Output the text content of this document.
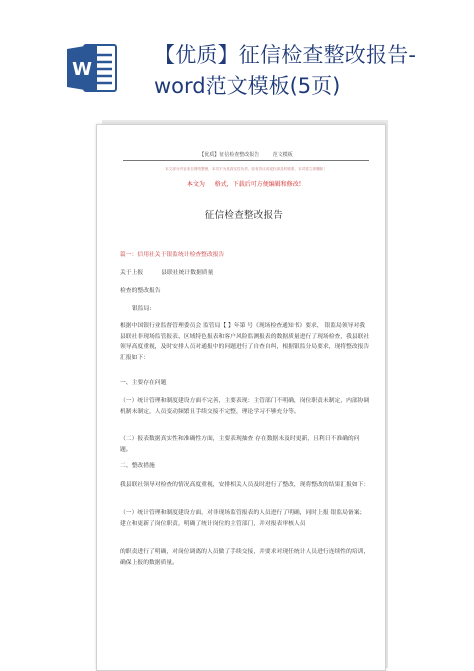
W
【优质】征信检查整改报告-
word范文模板(5页)
【优质】征信检查整改报告	范文模板
本文部分内容来自网络整理，本司不为其真实性负责，如有异议或侵权请及时联系，本司将立即删除！
本文为 格式，下载后可方便编辑和修改!
征信检查整改报告
篇一：信用社关于银监统计检查整改报告
关于上报	县联社统计数据质量
检查的整改报告
银监局:
根据中国银行业监督管理委员会 监管局【 】年第 号《现场检查通知书》要求， 银监局领导对我县联社非现场监管报表、区域特色报表和客户风险监测报表的数据质量进行了现场检查，我县联社领导高度重视，及时安排人员对通报中的问题进行了自查自纠，根据银监分局要求，现将整改报告汇报如下：
一、主要存在问题
（一）统计管理和制度建设方面不完善，主要表现：主管部门不明确，岗位职责未制定，内部协调机制未制定，人员变动频繁且手续交接不完整，理论学习不够充分等。
（二）报表数据真实性和准确性方面，主要表现抽查 存在数据未及时更新，且利日不准确的问题。
二、整改措施
我县联社领导对检查的情况高度重视，安排相关人员及时进行了整改，现将整改的结果汇报如下：
（一）统计管理和制度建设方面，对非现场监管报表的人员进行了明确，同时上报 银监局备案；建立和更新了岗位职责，明确了统计岗位的主管部门，并对报表审核人员
的职责进行了明确，对岗位调离的人员做了手续交接，并要求对现任统计人员进行连续性的培训，确保上报的数据质量。
